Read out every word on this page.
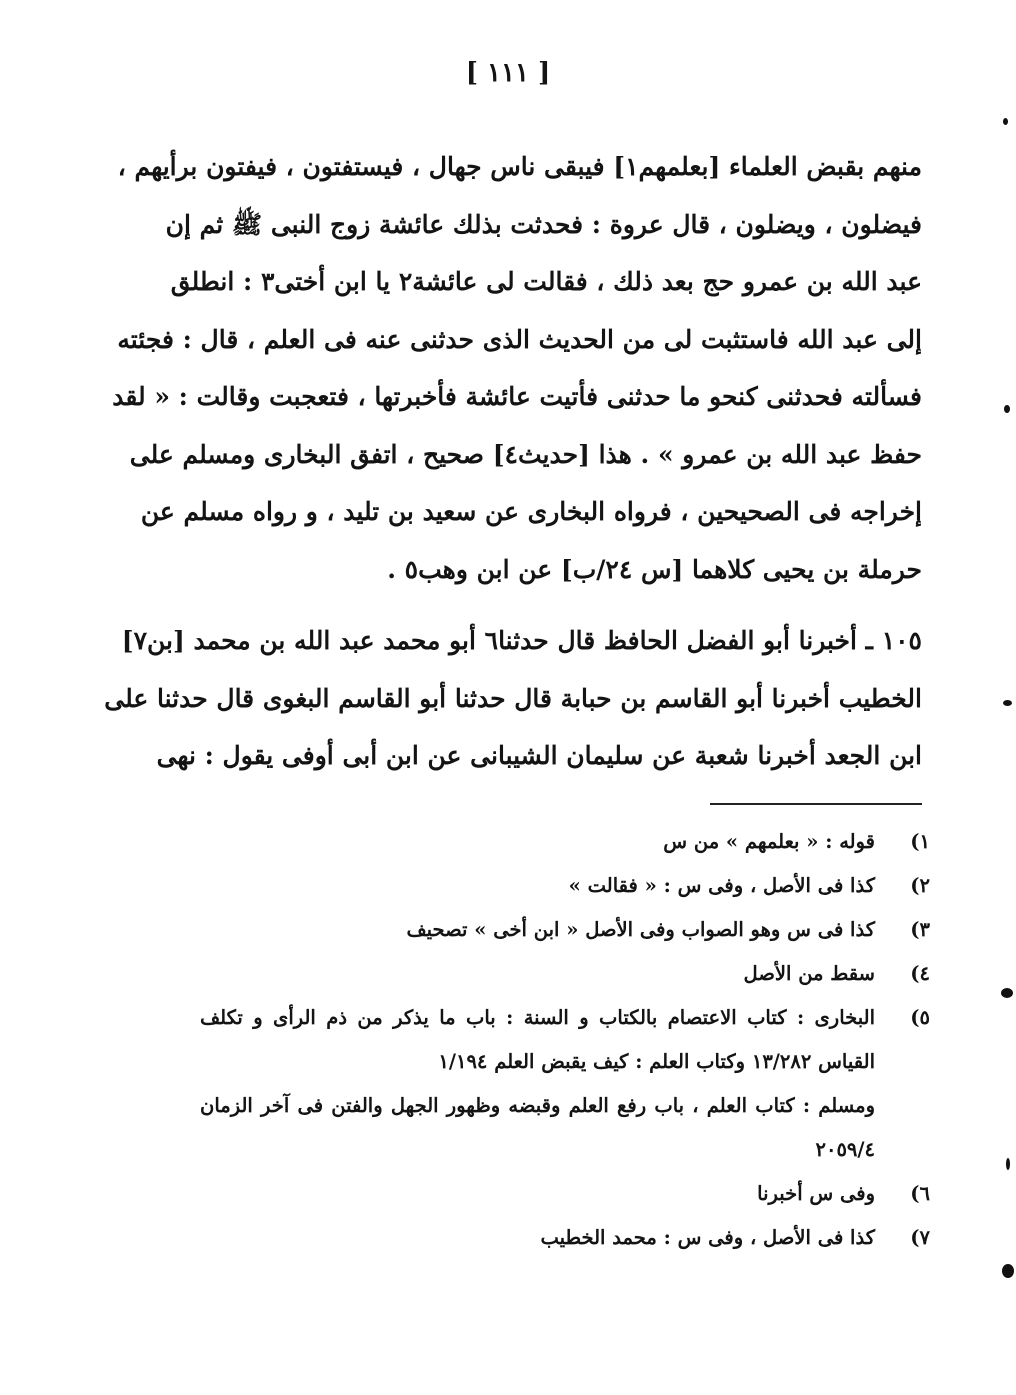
[ ١١١ ]
منهم بقبض العلماء [بعلمهم١] فيبقى ناس جهال ، فيستفتون ، فيفتون برأيهم ،
فيضلون ، ويضلون ، قال عروة : فحدثت بذلك عائشة زوج النبى ﷺ ثم إن
عبد الله بن عمرو حج بعد ذلك ، فقالت لى عائشة٢ يا ابن أختى٣ : انطلق
إلى عبد الله فاستثبت لى من الحديث الذى حدثنى عنه فى العلم ، قال : فجئته
فسألته فحدثنى كنحو ما حدثنى فأتيت عائشة فأخبرتها ، فتعجبت وقالت : « لقد
حفظ عبد الله بن عمرو » . هذا [حديث٤] صحيح ، اتفق البخارى ومسلم على
إخراجه فى الصحيحين ، فرواه البخارى عن سعيد بن تليد ، و رواه مسلم عن
حرملة بن يحيى كلاهما [س ٢٤/ب] عن ابن وهب٥ .
١٠٥ ـ أخبرنا أبو الفضل الحافظ قال حدثنا٦ أبو محمد عبد الله بن محمد [بن٧]
الخطيب أخبرنا أبو القاسم بن حبابة قال حدثنا أبو القاسم البغوى قال حدثنا على
ابن الجعد أخبرنا شعبة عن سليمان الشيبانى عن ابن أبى أوفى يقول : نهى
١)
قوله : « بعلمهم » من س
٢)
كذا فى الأصل ، وفى س : « فقالت »
٣)
كذا فى س وهو الصواب وفى الأصل « ابن أخى » تصحيف
٤)
سقط من الأصل
٥)
البخارى : كتاب الاعتصام بالكتاب و السنة : باب ما يذكر من ذم الرأى و تكلف
القياس ١٣/٢٨٢ وكتاب العلم : كيف يقبض العلم ١/١٩٤
ومسلم : كتاب العلم ، باب رفع العلم وقبضه وظهور الجهل والفتن فى آخر الزمان
٢٠٥٩/٤
٦)
وفى س أخبرنا
٧)
كذا فى الأصل ، وفى س : محمد الخطيب
